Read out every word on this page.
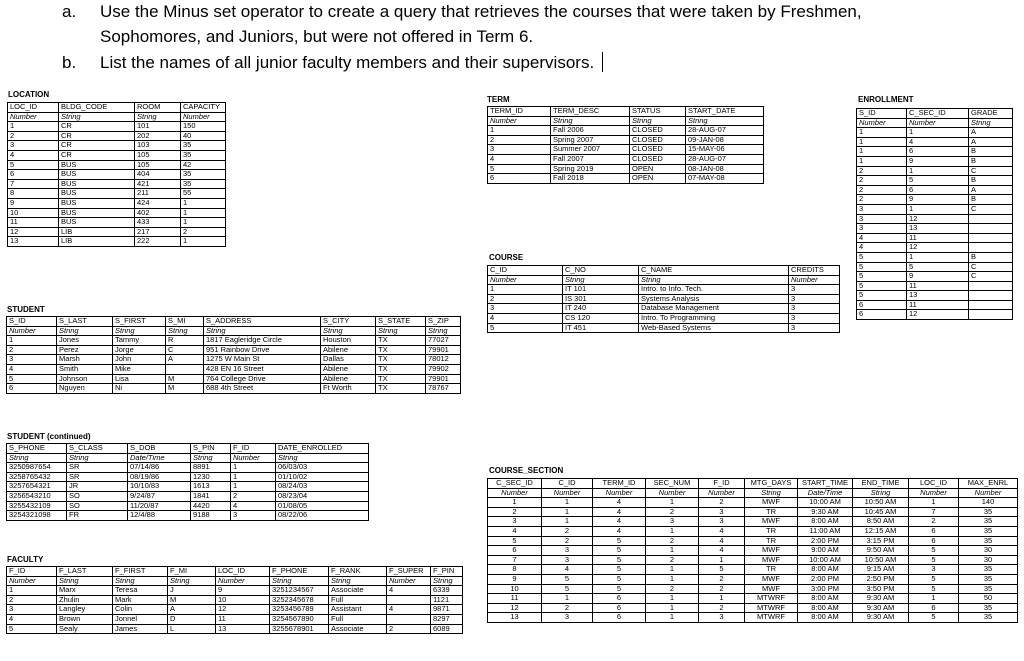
a. Use the Minus set operator to create a query that retrieves the courses that were taken by Freshmen,
Sophomores, and Juniors, but were not offered in Term 6.
b. List the names of all junior faculty members and their supervisors.
LOCATION
LOC_ID	BLDG_CODE	ROOM	CAPACITY
Number	String	String	Number
1	CR	101	150
2	CR	202	40
3	CR	103	35
4	CR	105	35
5	BUS	105	42
6	BUS	404	35
7	BUS	421	35
8	BUS	211	55
9	BUS	424	1
10	BUS	402	1
11	BUS	433	1
12	LIB	217	2
13	LIB	222	1
TERM
TERM_ID	TERM_DESC	STATUS	START_DATE
Number	String	String	String
1	Fall 2006	CLOSED	28-AUG-07
2	Spring 2007	CLOSED	09-JAN-08
3	Summer 2007	CLOSED	15-MAY-06
4	Fall 2007	CLOSED	28-AUG-07
5	Spring 2019	OPEN	08-JAN-08
6	Fall 2018	OPEN	07-MAY-08
ENROLLMENT
S_ID	C_SEC_ID	GRADE
Number	Number	String
1	1	A
1	4	A
1	6	B
1	9	B
2	1	C
2	5	B
2	6	A
2	9	B
3	1	C
3	12	
3	13	
4	11	
4	12	
5	1	B
5	5	C
5	9	C
5	11	
5	13	
6	11	
6	12	
COURSE
C_ID	C_NO	C_NAME	CREDITS
Number	String	String	Number
1	IT 101	Intro. to Info. Tech.	3
2	IS 301	Systems Analysis	3
3	IT 240	Database Management	3
4	CS 120	Intro. To Programming	3
5	IT 451	Web-Based Systems	3
STUDENT
S_ID	S_LAST	S_FIRST	S_MI	S_ADDRESS	S_CITY	S_STATE	S_ZIP
Number	String	String	String	String	String	String	String
1	Jones	Tammy	R	1817 Eagleridge Circle	Houston	TX	77027
2	Perez	Jorge	C	951 Rainbow Drive	Abilene	TX	79901
3	Marsh	John	A	1275 W Main St	Dallas	TX	78012
4	Smith	Mike		428 EN 16 Street	Abilene	TX	79902
5	Johnson	Lisa	M	764 College Drive	Abilene	TX	79901
6	Nguyen	Ni	M	688 4th Street	Ft Worth	TX	78767
STUDENT (continued)
S_PHONE	S_CLASS	S_DOB	S_PIN	F_ID	DATE_ENROLLED
String	String	Date/Time	String	Number	String
3250987654	SR	07/14/86	8891	1	06/03/03
3258765432	SR	08/19/86	1230	1	01/10/02
3257654321	JR	10/10/83	1613	1	08/24/03
3256543210	SO	9/24/87	1841	2	08/23/04
3255432109	SO	11/20/87	4420	4	01/08/05
3254321098	FR	12/4/88	9188	3	08/22/06
COURSE_SECTION
C_SEC_ID	C_ID	TERM_ID	SEC_NUM	F_ID	MTG_DAYS	START_TIME	END_TIME	LOC_ID	MAX_ENRL
Number	Number	Number	Number	Number	String	Date/Time	String	Number	Number
1	1	4	1	2	MWF	10:00 AM	10:50 AM	1	140
2	1	4	2	3	TR	9:30 AM	10:45 AM	7	35
3	1	4	3	3	MWF	8:00 AM	8:50 AM	2	35
4	2	4	1	4	TR	11:00 AM	12:15 AM	6	35
5	2	5	2	4	TR	2:00 PM	3:15 PM	6	35
6	3	5	1	4	MWF	9:00 AM	9:50 AM	5	30
7	3	5	2	1	MWF	10:00 AM	10:50 AM	5	30
8	4	5	1	5	TR	8:00 AM	9:15 AM	3	35
9	5	5	1	2	MWF	2:00 PM	2:50 PM	5	35
10	5	5	2	2	MWF	3:00 PM	3:50 PM	5	35
11	1	6	1	1	MTWRF	8:00 AM	9:30 AM	1	50
12	2	6	1	2	MTWRF	8:00 AM	9:30 AM	6	35
13	3	6	1	3	MTWRF	8:00 AM	9:30 AM	5	35
FACULTY
F_ID	F_LAST	F_FIRST	F_MI	LOC_ID	F_PHONE	F_RANK	F_SUPER	F_PIN
Number	String	String	String	Number	String	String	Number	String
1	Marx	Teresa	J	9	3251234567	Associate	4	6339
2	Zhulin	Mark	M	10	3252345678	Full		1121
3	Langley	Colin	A	12	3253456789	Assistant	4	9871
4	Brown	Jonnel	D	11	3254567890	Full		8297
5	Sealy	James	L	13	3255678901	Associate	2	6089
